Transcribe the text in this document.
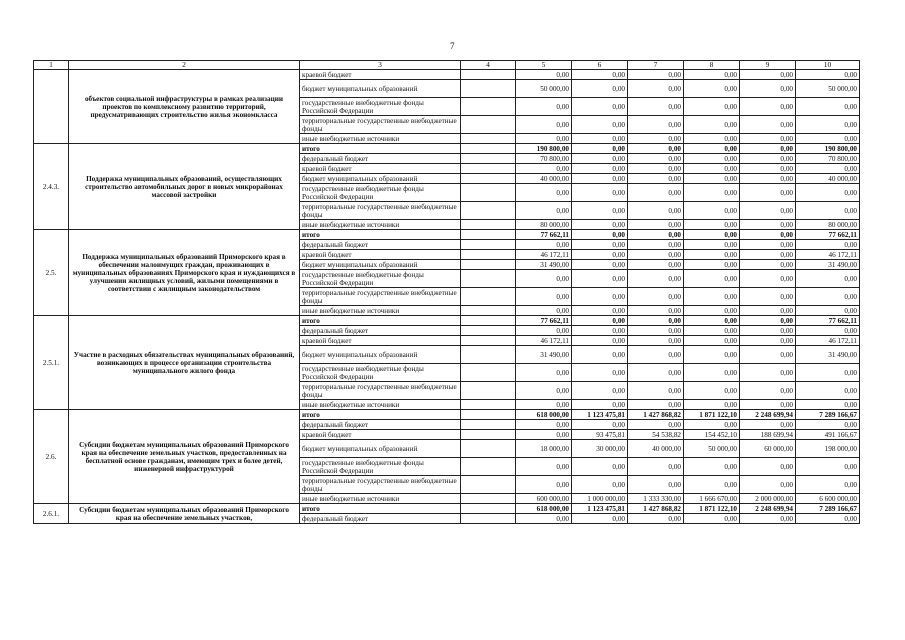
7
1	2	3	4	5	6	7	8	9	10
	объектов социальной инфраструктуры в рамках реализации проектов по комплексному развитию территорий, предусматривающих строительство жилья экономкласса	краевой бюджет		0,00	0,00	0,00	0,00	0,00	0,00
		бюджет муниципальных образований		50 000,00	0,00	0,00	0,00	0,00	50 000,00
		государственные внебюджетные фонды Российской Федерации		0,00	0,00	0,00	0,00	0,00	0,00
		территориальные государственные внебюджетные фонды		0,00	0,00	0,00	0,00	0,00	0,00
		иные внебюджетные источники		0,00	0,00	0,00	0,00	0,00	0,00
2.4.3.	Поддержка муниципальных образований, осуществляющих строительство автомобильных дорог в новых микрорайонах массовой застройки	итого		190 800,00	0,00	0,00	0,00	0,00	190 800,00
		федеральный бюджет		70 800,00	0,00	0,00	0,00	0,00	70 800,00
		краевой бюджет		0,00	0,00	0,00	0,00	0,00	0,00
		бюджет муниципальных образований		40 000,00	0,00	0,00	0,00	0,00	40 000,00
		государственные внебюджетные фонды Российской Федерации		0,00	0,00	0,00	0,00	0,00	0,00
		территориальные государственные внебюджетные фонды		0,00	0,00	0,00	0,00	0,00	0,00
		иные внебюджетные источники		80 000,00	0,00	0,00	0,00	0,00	80 000,00
2.5.	Поддержка муниципальных образований Приморского края в обеспечении малоимущих граждан, проживающих в муниципальных образованиях Приморского края и нуждающихся в улучшении жилищных условий, жилыми помещениями в соответствии с жилищным законодательством	итого		77 662,11	0,00	0,00	0,00	0,00	77 662,11
		федеральный бюджет		0,00	0,00	0,00	0,00	0,00	0,00
		краевой бюджет		46 172,11	0,00	0,00	0,00	0,00	46 172,11
		бюджет муниципальных образований		31 490,00	0,00	0,00	0,00	0,00	31 490,00
		государственные внебюджетные фонды Российской Федерации		0,00	0,00	0,00	0,00	0,00	0,00
		территориальные государственные внебюджетные фонды		0,00	0,00	0,00	0,00	0,00	0,00
		иные внебюджетные источники		0,00	0,00	0,00	0,00	0,00	0,00
2.5.1.	Участие в расходных обязательствах муниципальных образований, возникающих в процессе организации строительства муниципального жилого фонда	итого		77 662,11	0,00	0,00	0,00	0,00	77 662,11
		федеральный бюджет		0,00	0,00	0,00	0,00	0,00	0,00
		краевой бюджет		46 172,11	0,00	0,00	0,00	0,00	46 172,11
		бюджет муниципальных образований		31 490,00	0,00	0,00	0,00	0,00	31 490,00
		государственные внебюджетные фонды Российской Федерации		0,00	0,00	0,00	0,00	0,00	0,00
		территориальные государственные внебюджетные фонды		0,00	0,00	0,00	0,00	0,00	0,00
		иные внебюджетные источники		0,00	0,00	0,00	0,00	0,00	0,00
2.6.	Субсидии бюджетам муниципальных образований Приморского края на обеспечение земельных участков, предоставленных на бесплатной основе гражданам, имеющим трех и более детей, инженерной инфраструктурой	итого		618 000,00	1 123 475,81	1 427 868,82	1 871 122,10	2 248 699,94	7 289 166,67
		федеральный бюджет		0,00	0,00	0,00	0,00	0,00	0,00
		краевой бюджет		0,00	93 475,81	54 538,82	154 452,10	188 699,94	491 166,67
		бюджет муниципальных образований		18 000,00	30 000,00	40 000,00	50 000,00	60 000,00	198 000,00
		государственные внебюджетные фонды Российской Федерации		0,00	0,00	0,00	0,00	0,00	0,00
		территориальные государственные внебюджетные фонды		0,00	0,00	0,00	0,00	0,00	0,00
		иные внебюджетные источники		600 000,00	1 000 000,00	1 333 330,00	1 666 670,00	2 000 000,00	6 600 000,00
2.6.1.	Субсидии бюджетам муниципальных образований Приморского края на обеспечение земельных участков,	итого		618 000,00	1 123 475,81	1 427 868,82	1 871 122,10	2 248 699,94	7 289 166,67
		федеральный бюджет		0,00	0,00	0,00	0,00	0,00	0,00
